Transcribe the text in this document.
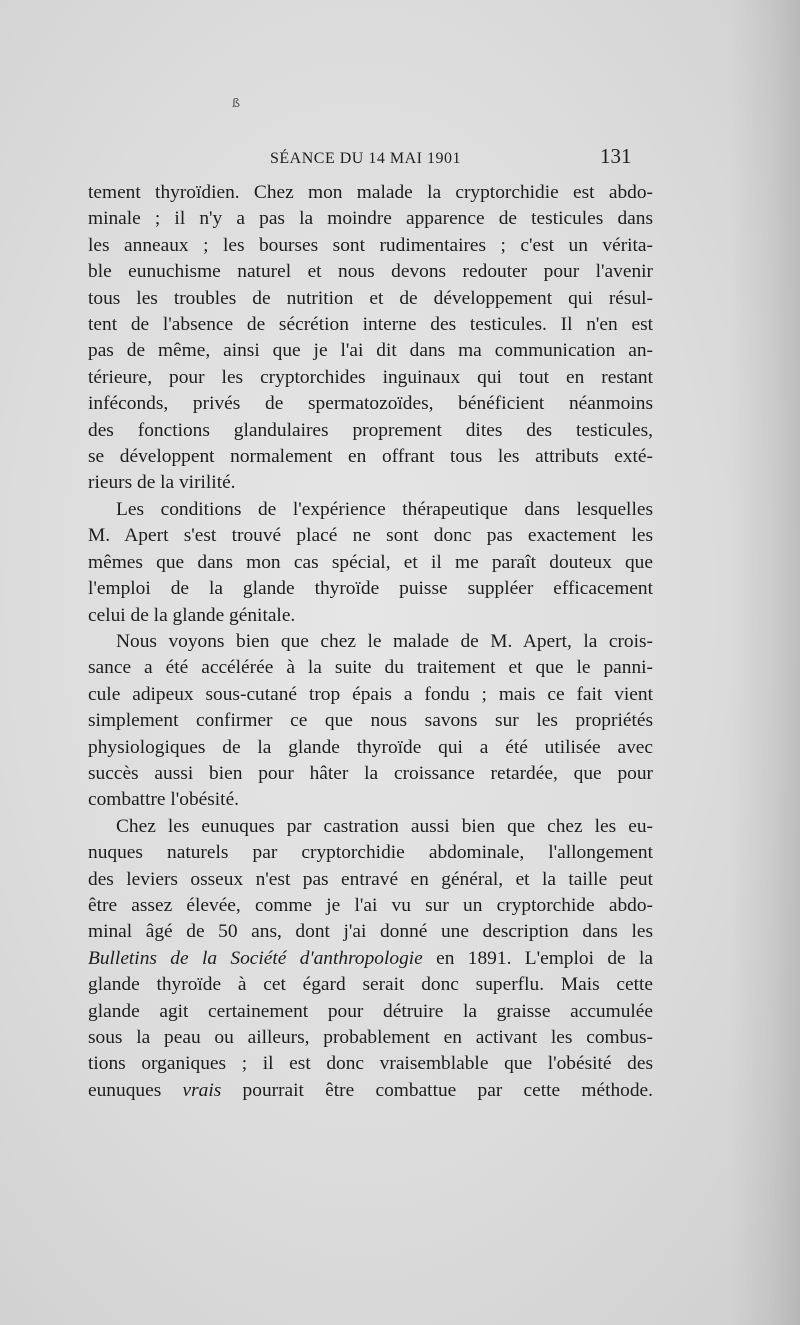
ß
SÉANCE DU 14 MAI 1901	131

tement thyroïdien. Chez mon malade la cryptorchidie est abdo-
minale ; il n'y a pas la moindre apparence de testicules dans
les anneaux ; les bourses sont rudimentaires ; c'est un vérita-
ble eunuchisme naturel et nous devons redouter pour l'avenir
tous les troubles de nutrition et de développement qui résul-
tent de l'absence de sécrétion interne des testicules. Il n'en est
pas de même, ainsi que je l'ai dit dans ma communication an-
térieure, pour les cryptorchides inguinaux qui tout en restant
inféconds, privés de spermatozoïdes, bénéficient néanmoins
des fonctions glandulaires proprement dites des testicules,
se développent normalement en offrant tous les attributs exté-
rieurs de la virilité.

Les conditions de l'expérience thérapeutique dans lesquelles
M. Apert s'est trouvé placé ne sont donc pas exactement les
mêmes que dans mon cas spécial, et il me paraît douteux que
l'emploi de la glande thyroïde puisse suppléer efficacement
celui de la glande génitale.

Nous voyons bien que chez le malade de M. Apert, la crois-
sance a été accélérée à la suite du traitement et que le panni-
cule adipeux sous-cutané trop épais a fondu ; mais ce fait vient
simplement confirmer ce que nous savons sur les propriétés
physiologiques de la glande thyroïde qui a été utilisée avec
succès aussi bien pour hâter la croissance retardée, que pour
combattre l'obésité.

Chez les eunuques par castration aussi bien que chez les eu-
nuques naturels par cryptorchidie abdominale, l'allongement
des leviers osseux n'est pas entravé en général, et la taille peut
être assez élevée, comme je l'ai vu sur un cryptorchide abdo-
minal âgé de 50 ans, dont j'ai donné une description dans les
Bulletins de la Société d'anthropologie en 1891. L'emploi de la
glande thyroïde à cet égard serait donc superflu. Mais cette
glande agit certainement pour détruire la graisse accumulée
sous la peau ou ailleurs, probablement en activant les combus-
tions organiques ; il est donc vraisemblable que l'obésité des
eunuques vrais pourrait être combattue par cette méthode.
